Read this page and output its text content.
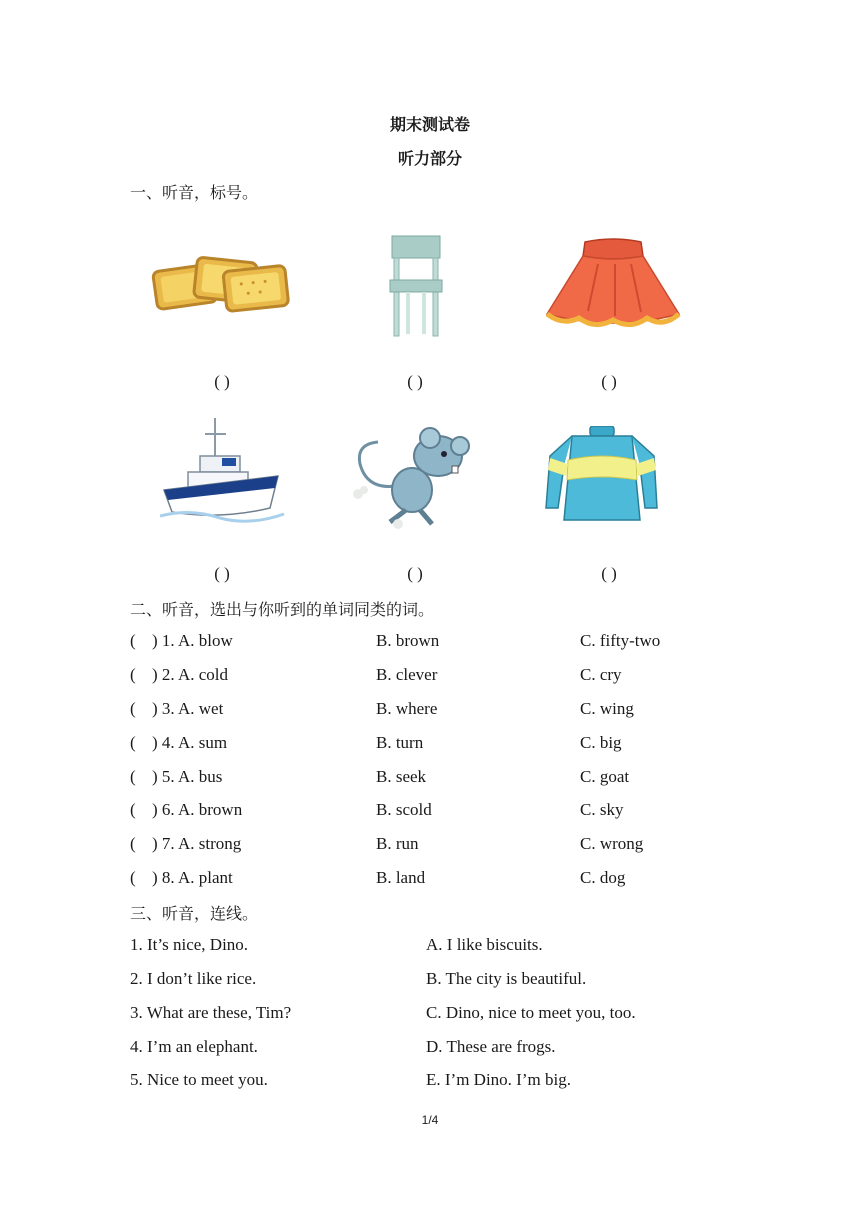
期末测试卷
听力部分
一、听音，标号。
( )	( )	( )
( )	( )	( )
二、听音，选出与你听到的单词同类的词。
( ) 1. A. blow	B. brown	C. fifty-two
( ) 2. A. cold	B. clever	C. cry
( ) 3. A. wet	B. where	C. wing
( ) 4. A. sum	B. turn	C. big
( ) 5. A. bus	B. seek	C. goat
( ) 6. A. brown	B. scold	C. sky
( ) 7. A. strong	B. run	C. wrong
( ) 8. A. plant	B. land	C. dog
三、听音，连线。
1. It’s nice, Dino.	A. I like biscuits.
2. I don’t like rice.	B. The city is beautiful.
3. What are these, Tim?	C. Dino, nice to meet you, too.
4. I’m an elephant.	D. These are frogs.
5. Nice to meet you.	E. I’m Dino. I’m big.
1/4
